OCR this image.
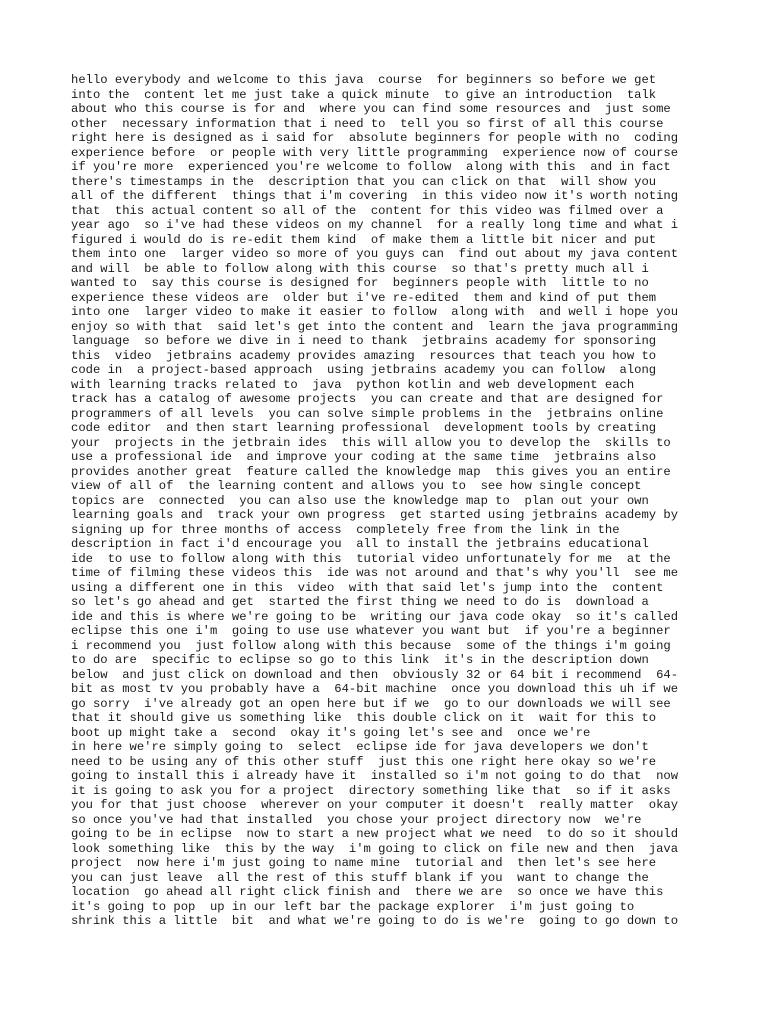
hello everybody and welcome to this java  course  for beginners so before we get
into the  content let me just take a quick minute  to give an introduction  talk
about who this course is for and  where you can find some resources and  just some
other  necessary information that i need to  tell you so first of all this course
right here is designed as i said for  absolute beginners for people with no  coding
experience before  or people with very little programming  experience now of course
if you're more  experienced you're welcome to follow  along with this  and in fact
there's timestamps in the  description that you can click on that  will show you
all of the different  things that i'm covering  in this video now it's worth noting
that  this actual content so all of the  content for this video was filmed over a
year ago  so i've had these videos on my channel  for a really long time and what i
figured i would do is re-edit them kind  of make them a little bit nicer and put
them into one  larger video so more of you guys can  find out about my java content
and will  be able to follow along with this course  so that's pretty much all i
wanted to  say this course is designed for  beginners people with  little to no
experience these videos are  older but i've re-edited  them and kind of put them
into one  larger video to make it easier to follow  along with  and well i hope you
enjoy so with that  said let's get into the content and  learn the java programming
language  so before we dive in i need to thank  jetbrains academy for sponsoring
this  video  jetbrains academy provides amazing  resources that teach you how to
code in  a project-based approach  using jetbrains academy you can follow  along
with learning tracks related to  java  python kotlin and web development each
track has a catalog of awesome projects  you can create and that are designed for
programmers of all levels  you can solve simple problems in the  jetbrains online
code editor  and then start learning professional  development tools by creating
your  projects in the jetbrain ides  this will allow you to develop the  skills to
use a professional ide  and improve your coding at the same time  jetbrains also
provides another great  feature called the knowledge map  this gives you an entire
view of all of  the learning content and allows you to  see how single concept
topics are  connected  you can also use the knowledge map to  plan out your own
learning goals and  track your own progress  get started using jetbrains academy by
signing up for three months of access  completely free from the link in the
description in fact i'd encourage you  all to install the jetbrains educational
ide  to use to follow along with this  tutorial video unfortunately for me  at the
time of filming these videos this  ide was not around and that's why you'll  see me
using a different one in this  video  with that said let's jump into the  content
so let's go ahead and get  started the first thing we need to do is  download a
ide and this is where we're going to be  writing our java code okay  so it's called
eclipse this one i'm  going to use use whatever you want but  if you're a beginner
i recommend you  just follow along with this because  some of the things i'm going
to do are  specific to eclipse so go to this link  it's in the description down
below  and just click on download and then  obviously 32 or 64 bit i recommend  64-
bit as most tv you probably have a  64-bit machine  once you download this uh if we
go sorry  i've already got an open here but if we  go to our downloads we will see
that it should give us something like  this double click on it  wait for this to
boot up might take a  second  okay it's going let's see and  once we're
in here we're simply going to  select  eclipse ide for java developers we don't
need to be using any of this other stuff  just this one right here okay so we're
going to install this i already have it  installed so i'm not going to do that  now
it is going to ask you for a project  directory something like that  so if it asks
you for that just choose  wherever on your computer it doesn't  really matter  okay
so once you've had that installed  you chose your project directory now  we're
going to be in eclipse  now to start a new project what we need  to do so it should
look something like  this by the way  i'm going to click on file new and then  java
project  now here i'm just going to name mine  tutorial and  then let's see here
you can just leave  all the rest of this stuff blank if you  want to change the
location  go ahead all right click finish and  there we are  so once we have this
it's going to pop  up in our left bar the package explorer  i'm just going to
shrink this a little  bit  and what we're going to do is we're  going to go down to
